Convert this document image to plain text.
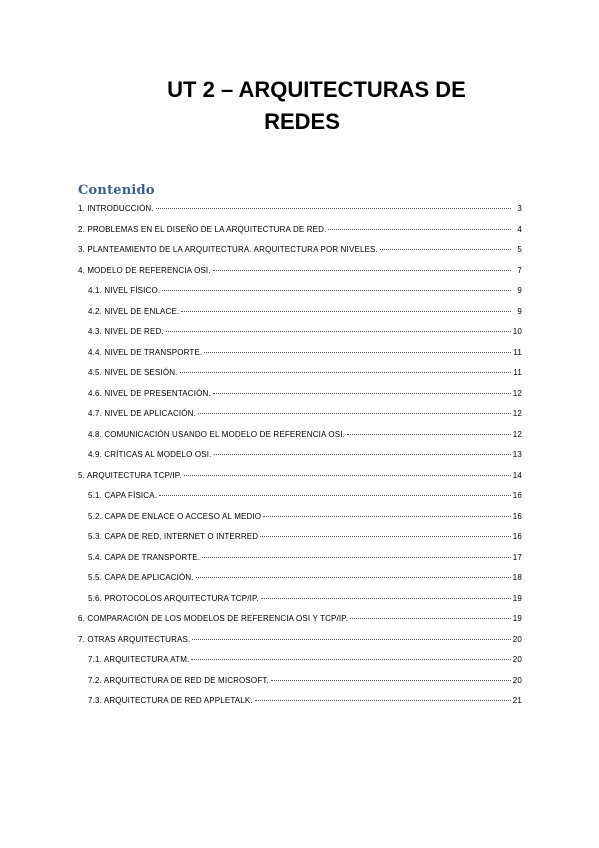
UT 2 – ARQUITECTURAS DE
REDES
Contenido
1. INTRODUCCIÓN.	3
2. PROBLEMAS EN EL DISEÑO DE LA ARQUITECTURA DE RED.	4
3. PLANTEAMIENTO DE LA ARQUITECTURA. ARQUITECTURA POR NIVELES.	5
4. MODELO DE REFERENCIA OSI.	7
4.1. NIVEL FÍSICO.	9
4.2. NIVEL DE ENLACE.	9
4.3. NIVEL DE RED.	10
4.4. NIVEL DE TRANSPORTE.	11
4.5. NIVEL DE SESIÓN.	11
4.6. NIVEL DE PRESENTACIÓN.	12
4.7. NIVEL DE APLICACIÓN.	12
4.8. COMUNICACIÓN USANDO EL MODELO DE REFERENCIA OSI.	12
4.9. CRÍTICAS AL MODELO OSI.	13
5. ARQUITECTURA TCP/IP.	14
5.1. CAPA FÍSICA.	16
5.2. CAPA DE ENLACE O ACCESO AL MEDIO	16
5.3. CAPA DE RED, INTERNET O INTERRED	16
5.4. CAPA DE TRANSPORTE.	17
5.5. CAPA DE APLICACIÓN.	18
5.6. PROTOCOLOS ARQUITECTURA TCP/IP.	19
6. COMPARACIÓN DE LOS MODELOS DE REFERENCIA OSI Y TCP/IP.	19
7. OTRAS ARQUITECTURAS.	20
7.1. ARQUITECTURA ATM.	20
7.2. ARQUITECTURA DE RED DE MICROSOFT.	20
7.3. ARQUITECTURA DE RED APPLETALK.	21
